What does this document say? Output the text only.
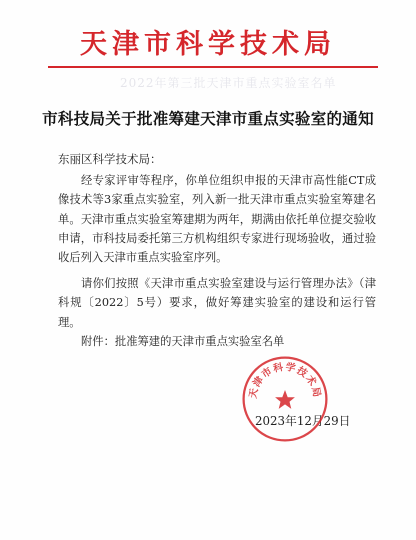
天津市科学技术局
2022年第三批天津市重点实验室名单
市科技局关于批准筹建天津市重点实验室的通知
东丽区科学技术局：

经专家评审等程序，你单位组织申报的天津市高性能CT成像技术等3家重点实验室，列入新一批天津市重点实验室筹建名单。天津市重点实验室筹建期为两年，期满由依托单位提交验收申请，市科技局委托第三方机构组织专家进行现场验收，通过验收后列入天津市重点实验室序列。

请你们按照《天津市重点实验室建设与运行管理办法》（津科规〔2022〕5号）要求，做好筹建实验室的建设和运行管理。

附件：批准筹建的天津市重点实验室名单
2023年12月29日
天津市科学技术局
